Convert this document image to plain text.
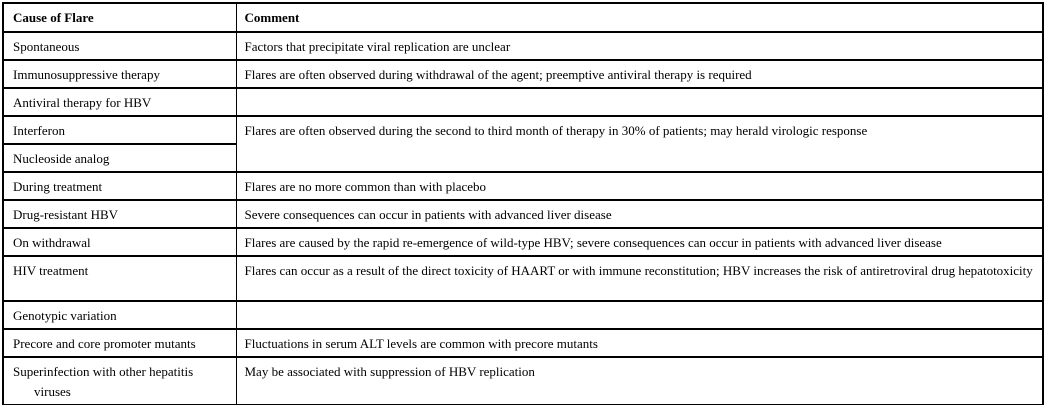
Cause of Flare	Comment
Spontaneous	Factors that precipitate viral replication are unclear
Immunosuppressive therapy	Flares are often observed during withdrawal of the agent; preemptive antiviral therapy is required
Antiviral therapy for HBV	
Interferon	Flares are often observed during the second to third month of therapy in 30% of patients; may herald virologic response
Nucleoside analog	
During treatment	Flares are no more common than with placebo
Drug-resistant HBV	Severe consequences can occur in patients with advanced liver disease
On withdrawal	Flares are caused by the rapid re-emergence of wild-type HBV; severe consequences can occur in patients with advanced liver disease
HIV treatment	Flares can occur as a result of the direct toxicity of HAART or with immune reconstitution; HBV increases the risk of antiretroviral drug hepatotoxicity
Genotypic variation	
Precore and core promoter mutants	Fluctuations in serum ALT levels are common with precore mutants
Superinfection with other hepatitis viruses	May be associated with suppression of HBV replication
